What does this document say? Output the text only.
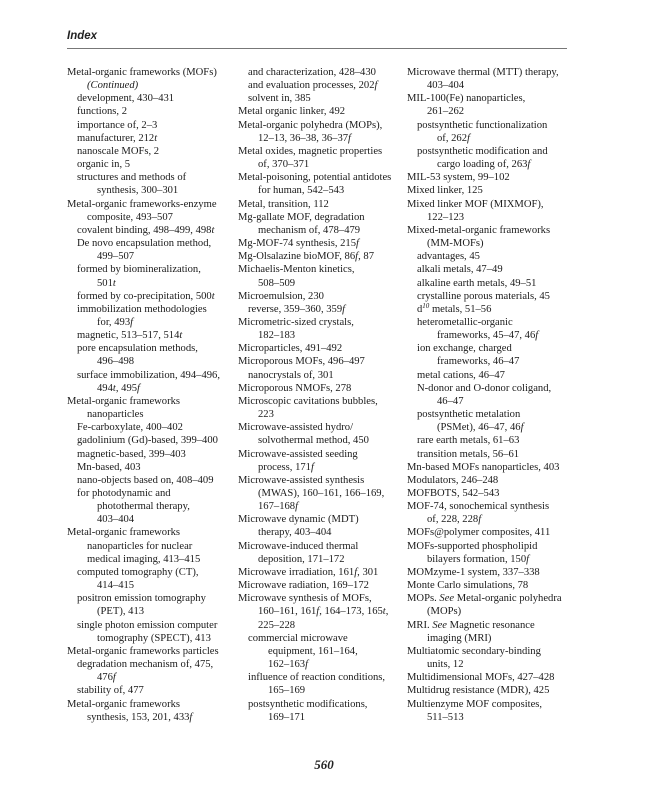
Index
Metal-organic frameworks (MOFs)
(Continued)
development, 430–431
functions, 2
importance of, 2–3
manufacturer, 212t
nanoscale MOFs, 2
organic in, 5
structures and methods of
synthesis, 300–301
Metal-organic frameworks-enzyme
composite, 493–507
covalent binding, 498–499, 498t
De novo encapsulation method,
499–507
formed by biomineralization,
501t
formed by co-precipitation, 500t
immobilization methodologies
for, 493f
magnetic, 513–517, 514t
pore encapsulation methods,
496–498
surface immobilization, 494–496,
494t, 495f
Metal-organic frameworks
nanoparticles
Fe-carboxylate, 400–402
gadolinium (Gd)-based, 399–400
magnetic-based, 399–403
Mn-based, 403
nano-objects based on, 408–409
for photodynamic and
photothermal therapy,
403–404
Metal-organic frameworks
nanoparticles for nuclear
medical imaging, 413–415
computed tomography (CT),
414–415
positron emission tomography
(PET), 413
single photon emission computer
tomography (SPECT), 413
Metal-organic frameworks particles
degradation mechanism of, 475,
476f
stability of, 477
Metal-organic frameworks
synthesis, 153, 201, 433f
and characterization, 428–430
and evaluation processes, 202f
solvent in, 385
Metal organic linker, 492
Metal-organic polyhedra (MOPs),
12–13, 36–38, 36–37f
Metal oxides, magnetic properties
of, 370–371
Metal-poisoning, potential antidotes
for human, 542–543
Metal, transition, 112
Mg-gallate MOF, degradation
mechanism of, 478–479
Mg-MOF-74 synthesis, 215f
Mg-Olsalazine bioMOF, 86f, 87
Michaelis-Menton kinetics,
508–509
Microemulsion, 230
reverse, 359–360, 359f
Micrometric-sized crystals,
182–183
Microparticles, 491–492
Microporous MOFs, 496–497
nanocrystals of, 301
Microporous NMOFs, 278
Microscopic cavitations bubbles,
223
Microwave-assisted hydro/
solvothermal method, 450
Microwave-assisted seeding
process, 171f
Microwave-assisted synthesis
(MWAS), 160–161, 166–169,
167–168f
Microwave dynamic (MDT)
therapy, 403–404
Microwave-induced thermal
deposition, 171–172
Microwave irradiation, 161f, 301
Microwave radiation, 169–172
Microwave synthesis of MOFs,
160–161, 161f, 164–173, 165t,
225–228
commercial microwave
equipment, 161–164,
162–163f
influence of reaction conditions,
165–169
postsynthetic modifications,
169–171
Microwave thermal (MTT) therapy,
403–404
MIL-100(Fe) nanoparticles,
261–262
postsynthetic functionalization
of, 262f
postsynthetic modification and
cargo loading of, 263f
MIL-53 system, 99–102
Mixed linker, 125
Mixed linker MOF (MIXMOF),
122–123
Mixed-metal-organic frameworks
(MM-MOFs)
advantages, 45
alkali metals, 47–49
alkaline earth metals, 49–51
crystalline porous materials, 45
$d^{10}$ metals, 51–56
heterometallic-organic
frameworks, 45–47, 46f
ion exchange, charged
frameworks, 46–47
metal cations, 46–47
N-donor and O-donor coligand,
46–47
postsynthetic metalation
(PSMet), 46–47, 46f
rare earth metals, 61–63
transition metals, 56–61
Mn-based MOFs nanoparticles, 403
Modulators, 246–248
MOFBOTS, 542–543
MOF-74, sonochemical synthesis
of, 228, 228f
MOFs@polymer composites, 411
MOFs-supported phospholipid
bilayers formation, 150f
MOMzyme-1 system, 337–338
Monte Carlo simulations, 78
MOPs. See Metal-organic polyhedra
(MOPs)
MRI. See Magnetic resonance
imaging (MRI)
Multiatomic secondary-binding
units, 12
Multidimensional MOFs, 427–428
Multidrug resistance (MDR), 425
Multienzyme MOF composites,
511–513
560
